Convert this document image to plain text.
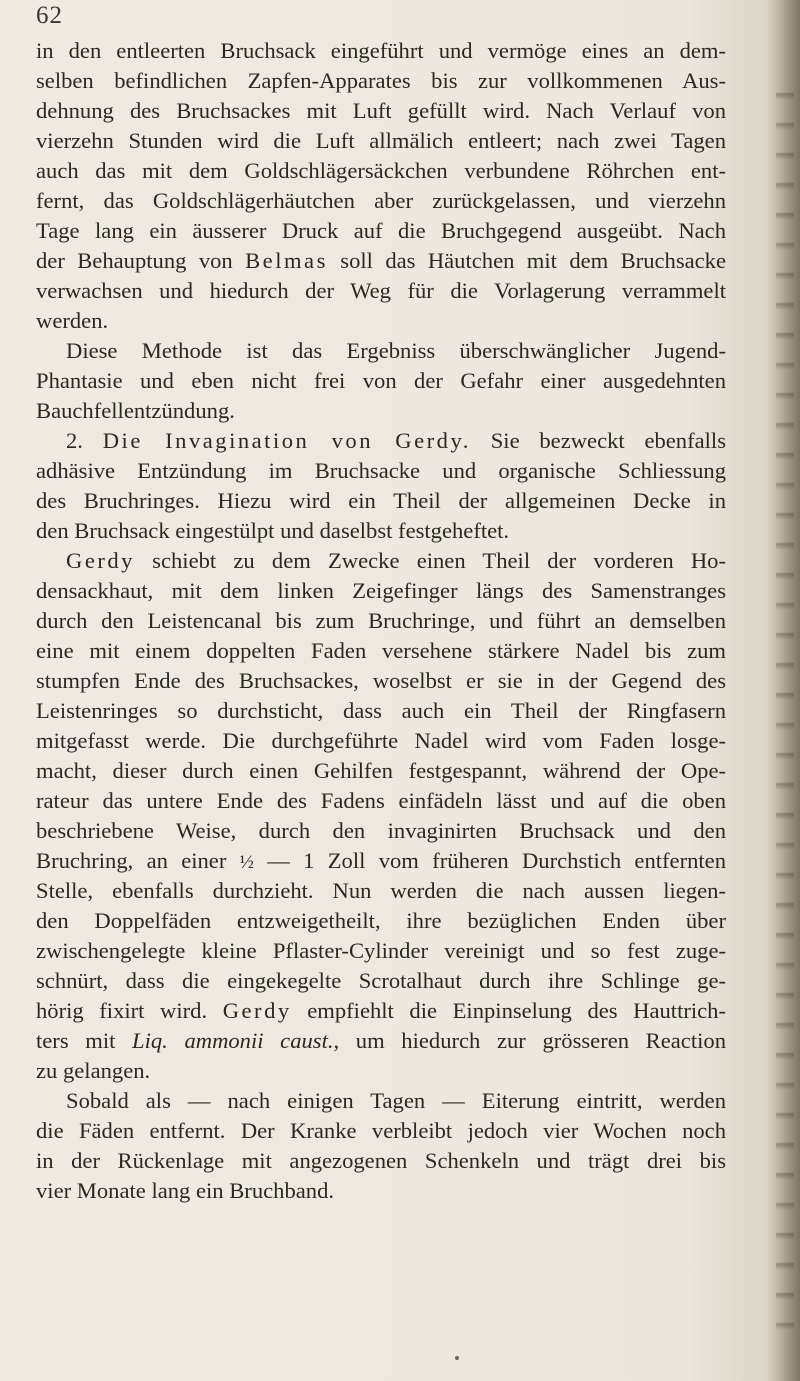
62
in den entleerten Bruchsack eingeführt und vermöge eines an dem-
selben befindlichen Zapfen-Apparates bis zur vollkommenen Aus-
dehnung des Bruchsackes mit Luft gefüllt wird. Nach Verlauf von
vierzehn Stunden wird die Luft allmälich entleert; nach zwei Tagen
auch das mit dem Goldschlägersäckchen verbundene Röhrchen ent-
fernt, das Goldschlägerhäutchen aber zurückgelassen, und vierzehn
Tage lang ein äusserer Druck auf die Bruchgegend ausgeübt. Nach
der Behauptung von Belmas soll das Häutchen mit dem Bruchsacke
verwachsen und hiedurch der Weg für die Vorlagerung verrammelt
werden.
Diese Methode ist das Ergebniss überschwänglicher Jugend-
Phantasie und eben nicht frei von der Gefahr einer ausgedehnten
Bauchfellentzündung.
2. Die Invagination von Gerdy. Sie bezweckt ebenfalls
adhäsive Entzündung im Bruchsacke und organische Schliessung
des Bruchringes. Hiezu wird ein Theil der allgemeinen Decke in
den Bruchsack eingestülpt und daselbst festgeheftet.
Gerdy schiebt zu dem Zwecke einen Theil der vorderen Ho-
densackhaut, mit dem linken Zeigefinger längs des Samenstranges
durch den Leistencanal bis zum Bruchringe, und führt an demselben
eine mit einem doppelten Faden versehene stärkere Nadel bis zum
stumpfen Ende des Bruchsackes, woselbst er sie in der Gegend des
Leistenringes so durchsticht, dass auch ein Theil der Ringfasern
mitgefasst werde. Die durchgeführte Nadel wird vom Faden losge-
macht, dieser durch einen Gehilfen festgespannt, während der Ope-
rateur das untere Ende des Fadens einfädeln lässt und auf die oben
beschriebene Weise, durch den invaginirten Bruchsack und den
Bruchring, an einer ½ — 1 Zoll vom früheren Durchstich entfernten
Stelle, ebenfalls durchzieht. Nun werden die nach aussen liegen-
den Doppelfäden entzweigetheilt, ihre bezüglichen Enden über
zwischengelegte kleine Pflaster-Cylinder vereinigt und so fest zuge-
schnürt, dass die eingekegelte Scrotalhaut durch ihre Schlinge ge-
hörig fixirt wird. Gerdy empfiehlt die Einpinselung des Hauttrich-
ters mit Liq. ammonii caust., um hiedurch zur grösseren Reaction
zu gelangen.
Sobald als — nach einigen Tagen — Eiterung eintritt, werden
die Fäden entfernt. Der Kranke verbleibt jedoch vier Wochen noch
in der Rückenlage mit angezogenen Schenkeln und trägt drei bis
vier Monate lang ein Bruchband.
